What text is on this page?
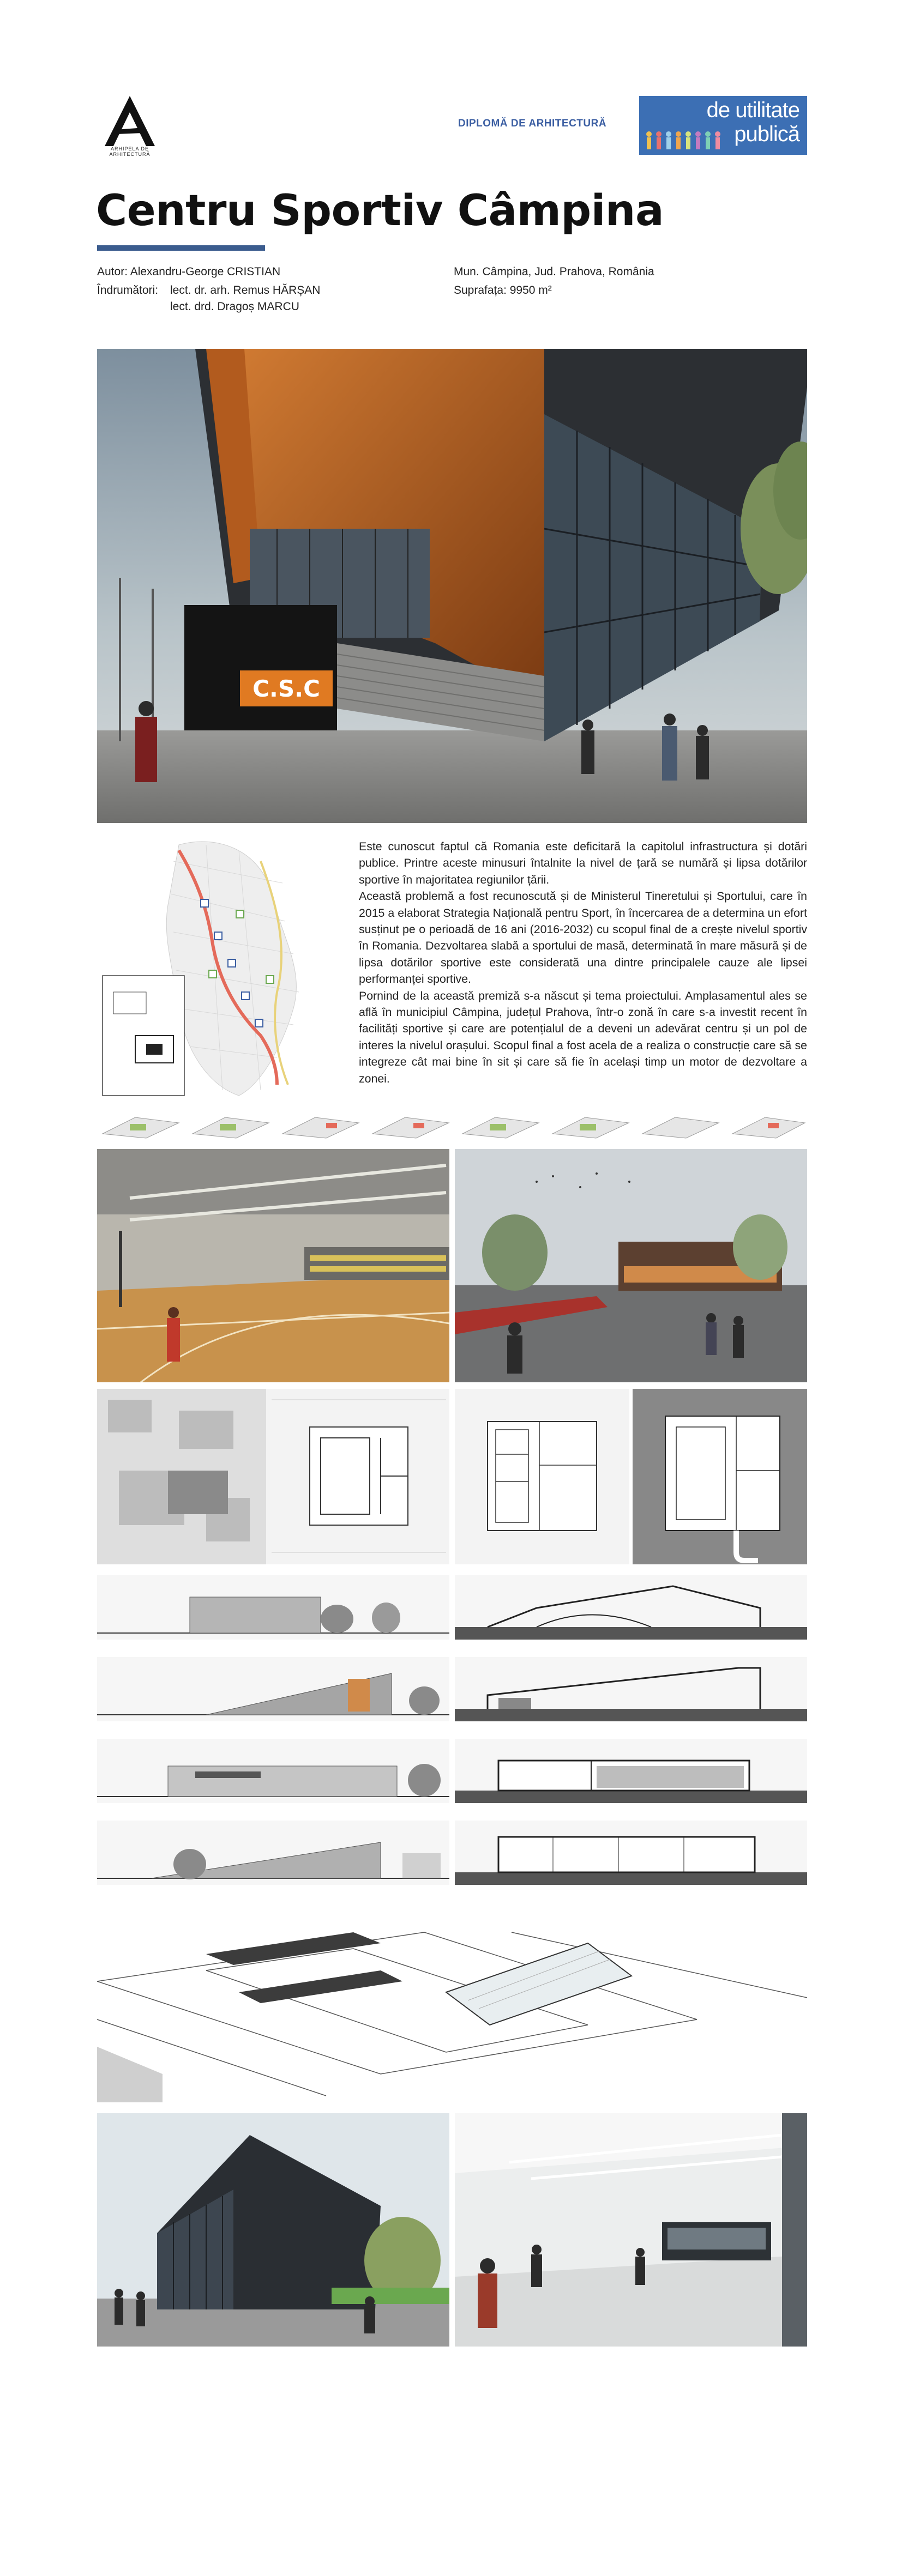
ARHIPELA DE ARHITECTURĂ
DIPLOMĂ DE ARHITECTURĂ
de utilitate
publică
Centru Sportiv Câmpina
Autor: Alexandru-George CRISTIAN
Îndrumători: lect. dr. arh. Remus HĂRȘAN
lect. drd. Dragoș MARCU
Mun. Câmpina, Jud. Prahova, România
Suprafața: 9950 m²
C.S.C

Este cunoscut faptul că Romania este deficitară la capitolul infrastructura și dotări publice. Printre aceste minusuri întalnite la nivel de țară se numără și lipsa dotărilor sportive în majoritatea regiunilor țării.

Această problemă a fost recunoscută și de Ministerul Tineretului și Sportului, care în 2015 a elaborat Strategia Națională pentru Sport, în încercarea de a determina un efort susținut pe o perioadă de 16 ani (2016-2032) cu scopul final de a crește nivelul sportiv în Romania. Dezvoltarea slabă a sportului de masă, determinată în mare măsură și de lipsa dotărilor sportive este considerată una dintre principalele cauze ale lipsei performanței sportive.

Pornind de la această premiză s-a născut și tema proiectului. Amplasamentul ales se află în municipiul Câmpina, județul Prahova, într-o zonă în care s-a investit recent în facilități sportive și care are potențialul de a deveni un adevărat centru și un pol de interes la nivelul orașului. Scopul final a fost acela de a realiza o construcție care să se integreze cât mai bine în sit și care să fie în același timp un motor de dezvoltare a zonei.
